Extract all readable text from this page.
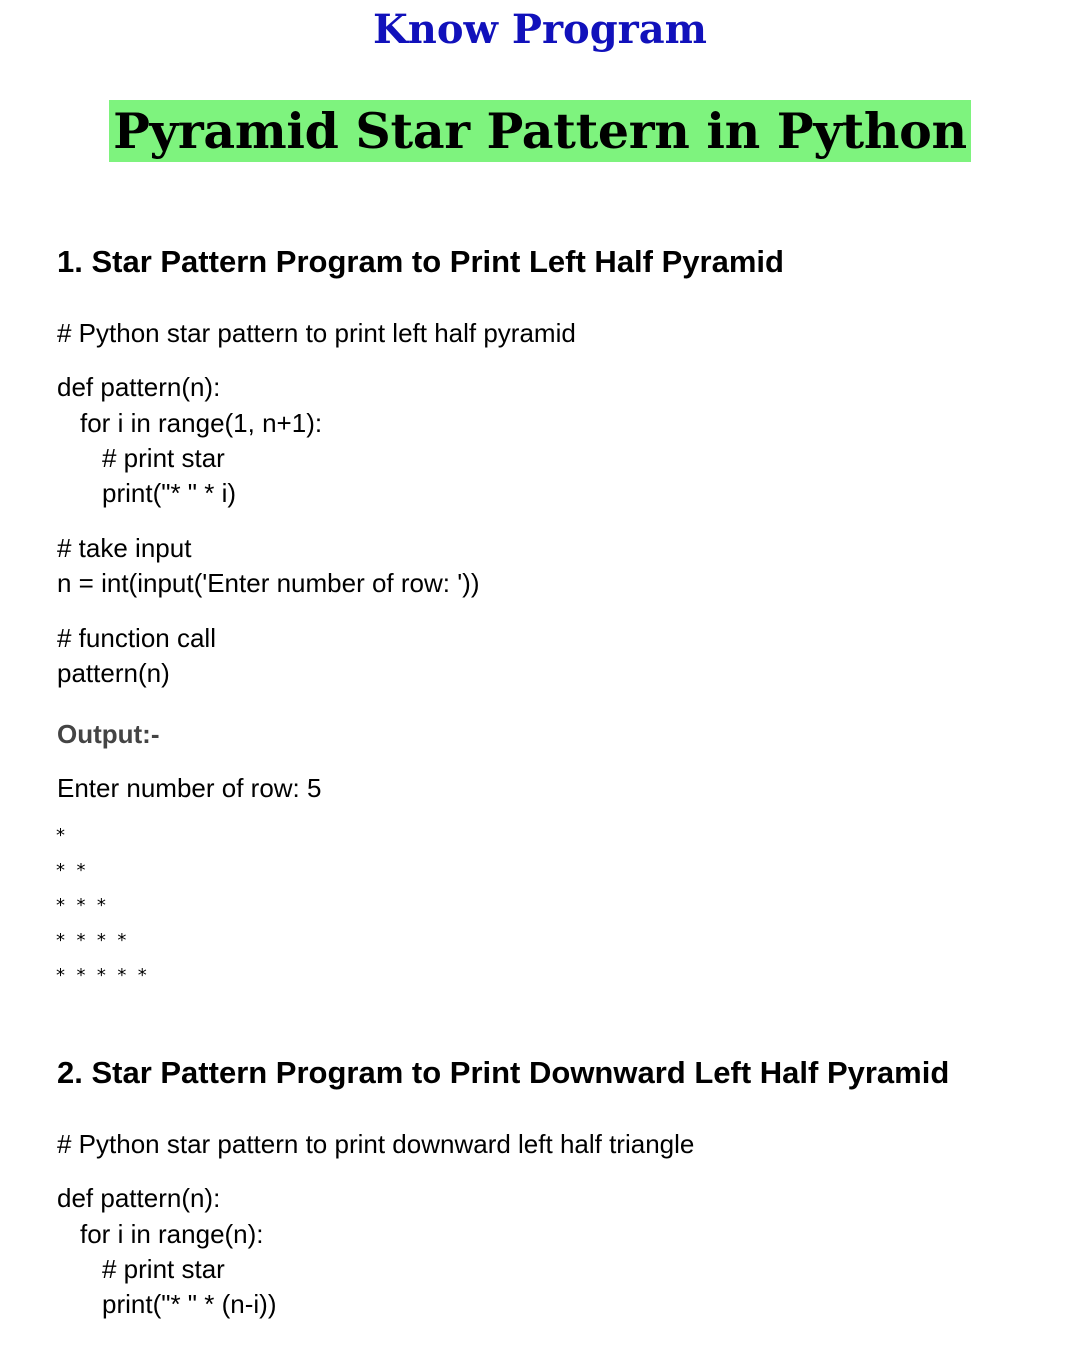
Know Program
Pyramid Star Pattern in Python
1. Star Pattern Program to Print Left Half Pyramid
# Python star pattern to print left half pyramid
def pattern(n):
for i in range(1, n+1):
# print star
print("* " * i)
# take input
n = int(input('Enter number of row: '))
# function call
pattern(n)
Output:-
Enter number of row: 5
*
*  *
*  *  *
*  *  *  *
*  *  *  *  *
2. Star Pattern Program to Print Downward Left Half Pyramid
# Python star pattern to print downward left half triangle
def pattern(n):
for i in range(n):
# print star
print("* " * (n-i))
